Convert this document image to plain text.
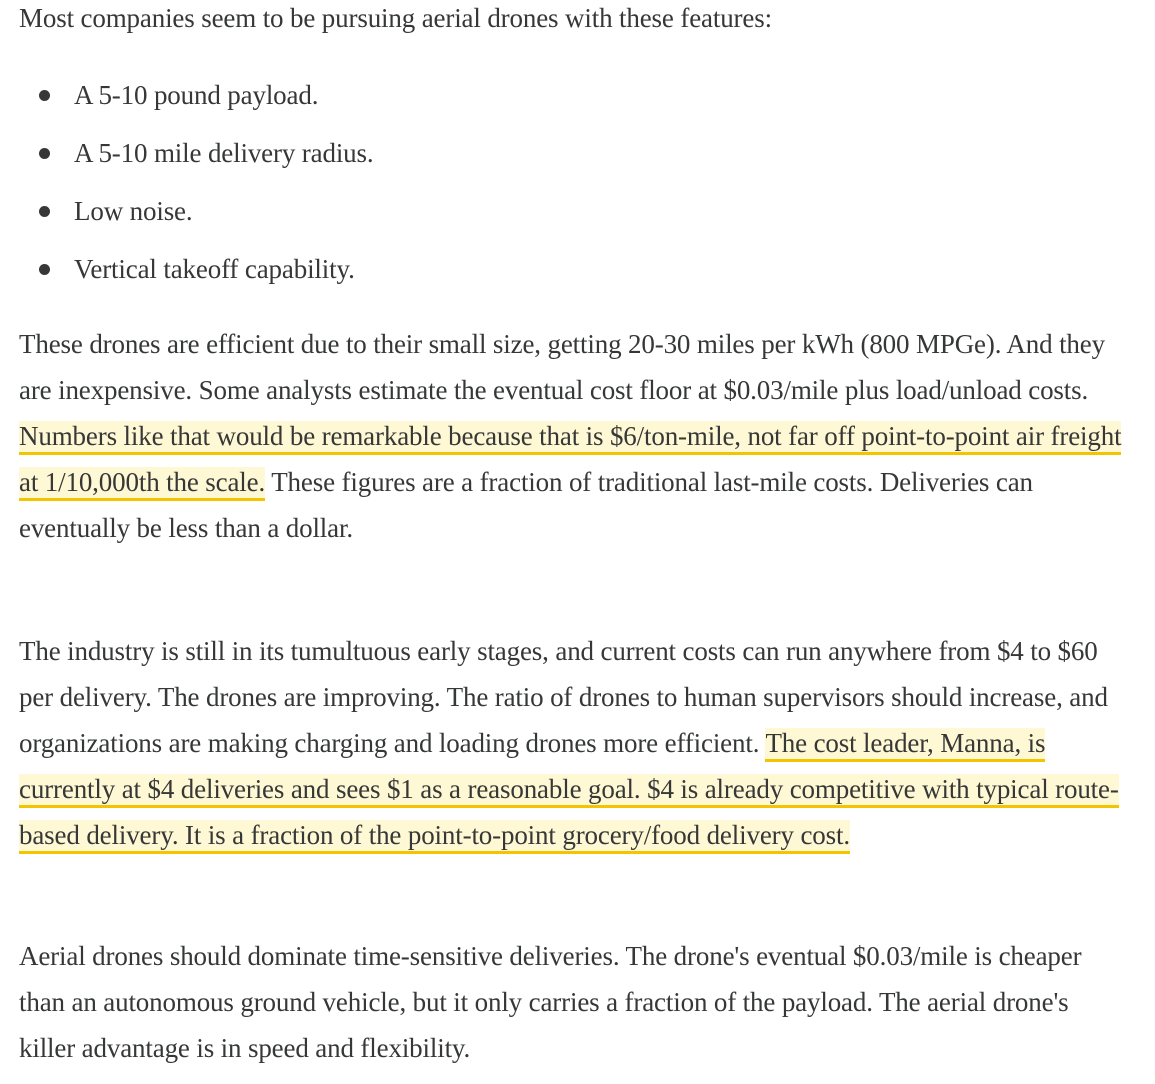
Most companies seem to be pursuing aerial drones with these features:

A 5-10 pound payload.
A 5-10 mile delivery radius.
Low noise.
Vertical takeoff capability.

These drones are efficient due to their small size, getting 20-30 miles per kWh (800 MPGe). And they are inexpensive. Some analysts estimate the eventual cost floor at $0.03/mile plus load/unload costs. Numbers like that would be remarkable because that is $6/ton-mile, not far off point-to-point air freight at 1/10,000th the scale. These figures are a fraction of traditional last-mile costs. Deliveries can eventually be less than a dollar.

The industry is still in its tumultuous early stages, and current costs can run anywhere from $4 to $60 per delivery. The drones are improving. The ratio of drones to human supervisors should increase, and organizations are making charging and loading drones more efficient. The cost leader, Manna, is currently at $4 deliveries and sees $1 as a reasonable goal. $4 is already competitive with typical route-based delivery. It is a fraction of the point-to-point grocery/food delivery cost.

Aerial drones should dominate time-sensitive deliveries. The drone's eventual $0.03/mile is cheaper than an autonomous ground vehicle, but it only carries a fraction of the payload. The aerial drone's killer advantage is in speed and flexibility.
